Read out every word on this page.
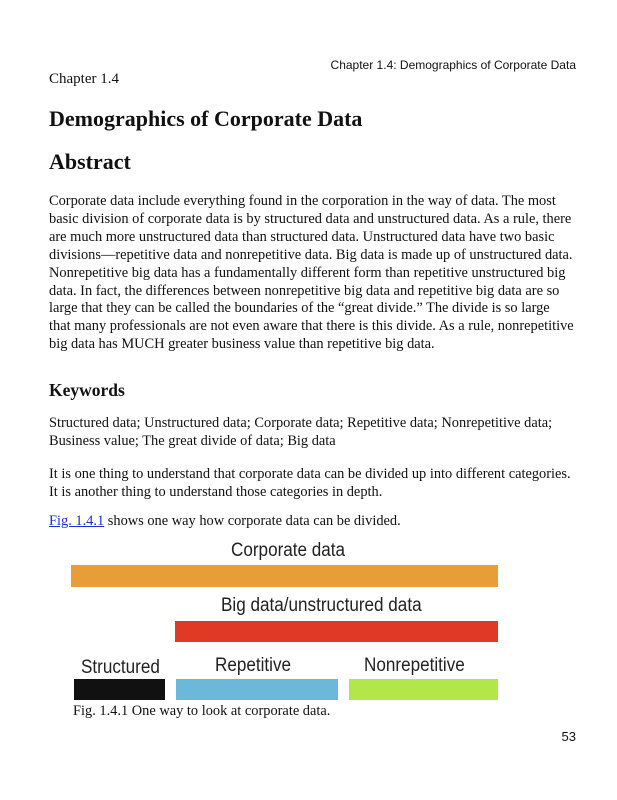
Chapter 1.4: Demographics of Corporate Data
Chapter 1.4
Demographics of Corporate Data
Abstract

Corporate data include everything found in the corporation in the way of data. The most basic division of corporate data is by structured data and unstructured data. As a rule, there are much more unstructured data than structured data. Unstructured data have two basic divisions—repetitive data and nonrepetitive data. Big data is made up of unstructured data. Nonrepetitive big data has a fundamentally different form than repetitive unstructured big data. In fact, the differences between nonrepetitive big data and repetitive big data are so large that they can be called the boundaries of the “great divide.” The divide is so large that many professionals are not even aware that there is this divide. As a rule, nonrepetitive big data has MUCH greater business value than repetitive big data.

Keywords

Structured data; Unstructured data; Corporate data; Repetitive data; Nonrepetitive data; Business value; The great divide of data; Big data

It is one thing to understand that corporate data can be divided up into different categories. It is another thing to understand those categories in depth.

Fig. 1.4.1 shows one way how corporate data can be divided.

Corporate data
Big data/unstructured data
Structured	Repetitive	Nonrepetitive
Fig. 1.4.1 One way to look at corporate data.
53
